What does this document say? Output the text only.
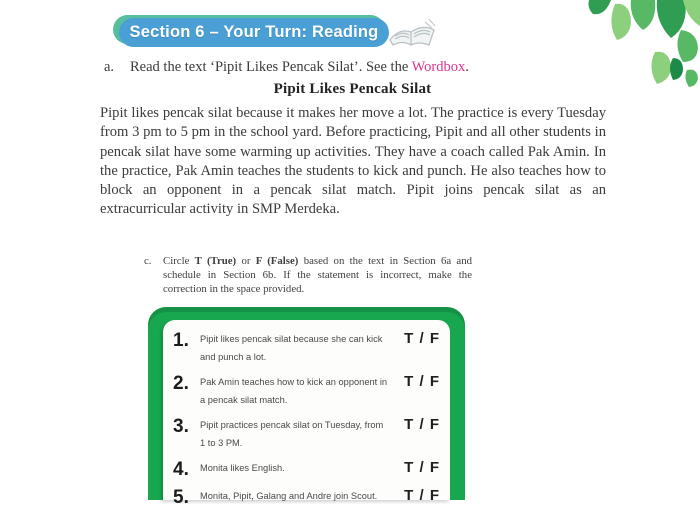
Section 6 – Your Turn: Reading
a.	Read the text ‘Pipit Likes Pencak Silat’. See the Wordbox.
Pipit Likes Pencak Silat
Pipit likes pencak silat because it makes her move a lot. The practice is every Tuesday from 3 pm to 5 pm in the school yard. Before practicing, Pipit and all other students in pencak silat have some warming up activities. They have a coach called Pak Amin. In the practice, Pak Amin teaches the students to kick and punch. He also teaches how to block an opponent in a pencak silat match. Pipit joins pencak silat as an extracurricular activity in SMP Merdeka.
c.	Circle T (True) or F (False) based on the text in Section 6a and schedule in Section 6b. If the statement is incorrect, make the correction in the space provided.
1.	Pipit likes pencak silat because she can kick and punch a lot.
T / F
2.	Pak Amin teaches how to kick an opponent in a pencak silat match.
T / F
3.	Pipit practices pencak silat on Tuesday, from 1 to 3 PM.
T / F
4.	Monita likes English.	T / F
5.	Monita, Pipit, Galang and Andre join Scout.	T / F
